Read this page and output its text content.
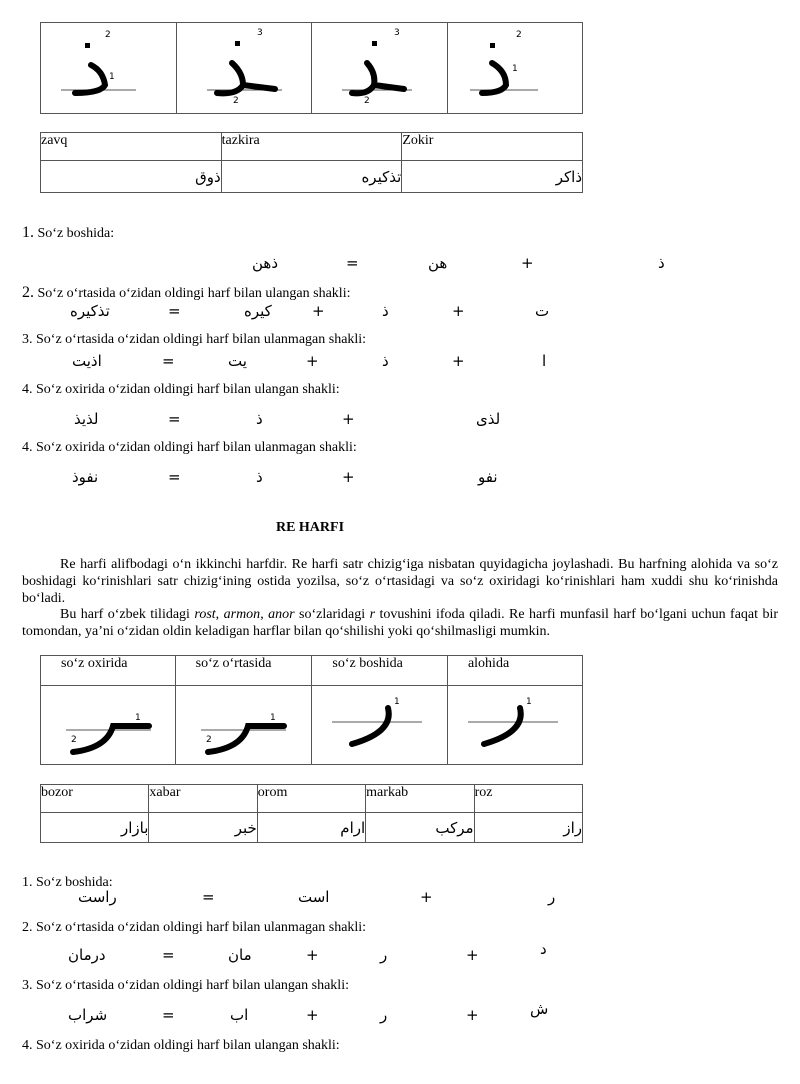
1
2

2
3

2
3

1
2
zavq	tazkira	Zokir
ذوق	تذکیره	ذاکر
1. So‘z boshida:
ذهن	=	هن	+	ذ
2. So‘z o‘rtasida o‘zidan oldingi harf bilan ulangan shakli:
تذکیره	=	کیره	+	ذ	+	ت
3. So‘z o‘rtasida o‘zidan oldingi harf bilan ulanmagan shakli:
اذیت	=	یت	+	ذ	+	ا
4. So‘z oxirida o‘zidan oldingi harf bilan ulangan shakli:
لذیذ	=	ذ	+	لذی
4. So‘z oxirida o‘zidan oldingi harf bilan ulanmagan shakli:
نفوذ	=	ذ	+	نفو
RE HARFI
Re harfi alifbodagi o‘n ikkinchi harfdir. Re harfi satr chizig‘iga nisbatan quyidagicha joylashadi. Bu harfning alohida va so‘z boshidagi ko‘rinishlari satr chizig‘ining ostida yozilsa, so‘z o‘rtasidagi va so‘z oxiridagi ko‘rinishlari ham xuddi shu ko‘rinishda bo‘ladi.
Bu harf o‘zbek tilidagi rost, armon, anor so‘zlaridagi r tovushini ifoda qiladi. Re harfi munfasil harf bo‘lgani uchun faqat bir tomondan, ya’ni o‘zidan oldin keladigan harflar bilan qo‘shilishi yoki qo‘shilmasligi mumkin.
so‘z oxirida	so‘z o‘rtasida	so‘z boshida	alohida

1
2	1
2	1	1
bozor	xabar	orom	markab	roz
بازار	خبر	ارام	مرکب	راز
1. So‘z boshida:
راست	=	است	+	ر
2. So‘z o‘rtasida o‘zidan oldingi harf bilan ulanmagan shakli:
درمان	=	مان	+	ر	+	د
3. So‘z o‘rtasida o‘zidan oldingi harf bilan ulangan shakli:
شراب	=	اب	+	ر	+	ش
4. So‘z oxirida o‘zidan oldingi harf bilan ulangan shakli:
